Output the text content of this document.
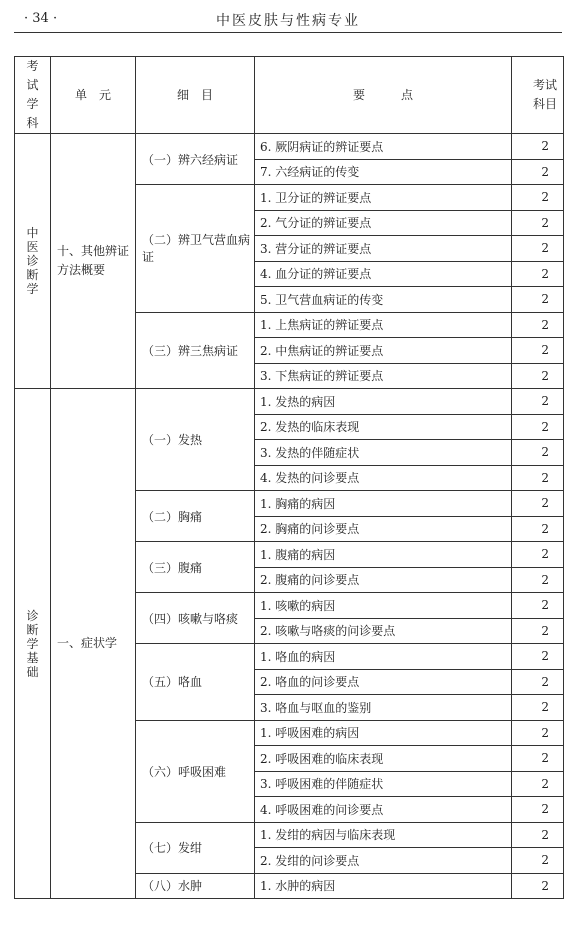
· 34 ·	中医皮肤与性病专业
考试学科	单　元	细　目	要　　　点	考试科目
中医诊断学	十、其他辨证方法概要	（一）辨六经病证	6. 厥阴病证的辨证要点	2
			7. 六经病证的传变	2
		（二）辨卫气营血病证	1. 卫分证的辨证要点	2
			2. 气分证的辨证要点	2
			3. 营分证的辨证要点	2
			4. 血分证的辨证要点	2
			5. 卫气营血病证的传变	2
		（三）辨三焦病证	1. 上焦病证的辨证要点	2
			2. 中焦病证的辨证要点	2
			3. 下焦病证的辨证要点	2
诊断学基础	一、症状学	（一）发热	1. 发热的病因	2
			2. 发热的临床表现	2
			3. 发热的伴随症状	2
			4. 发热的问诊要点	2
		（二）胸痛	1. 胸痛的病因	2
			2. 胸痛的问诊要点	2
		（三）腹痛	1. 腹痛的病因	2
			2. 腹痛的问诊要点	2
		（四）咳嗽与咯痰	1. 咳嗽的病因	2
			2. 咳嗽与咯痰的问诊要点	2
		（五）咯血	1. 咯血的病因	2
			2. 咯血的问诊要点	2
			3. 咯血与呕血的鉴别	2
		（六）呼吸困难	1. 呼吸困难的病因	2
			2. 呼吸困难的临床表现	2
			3. 呼吸困难的伴随症状	2
			4. 呼吸困难的问诊要点	2
		（七）发绀	1. 发绀的病因与临床表现	2
			2. 发绀的问诊要点	2
		（八）水肿	1. 水肿的病因	2
